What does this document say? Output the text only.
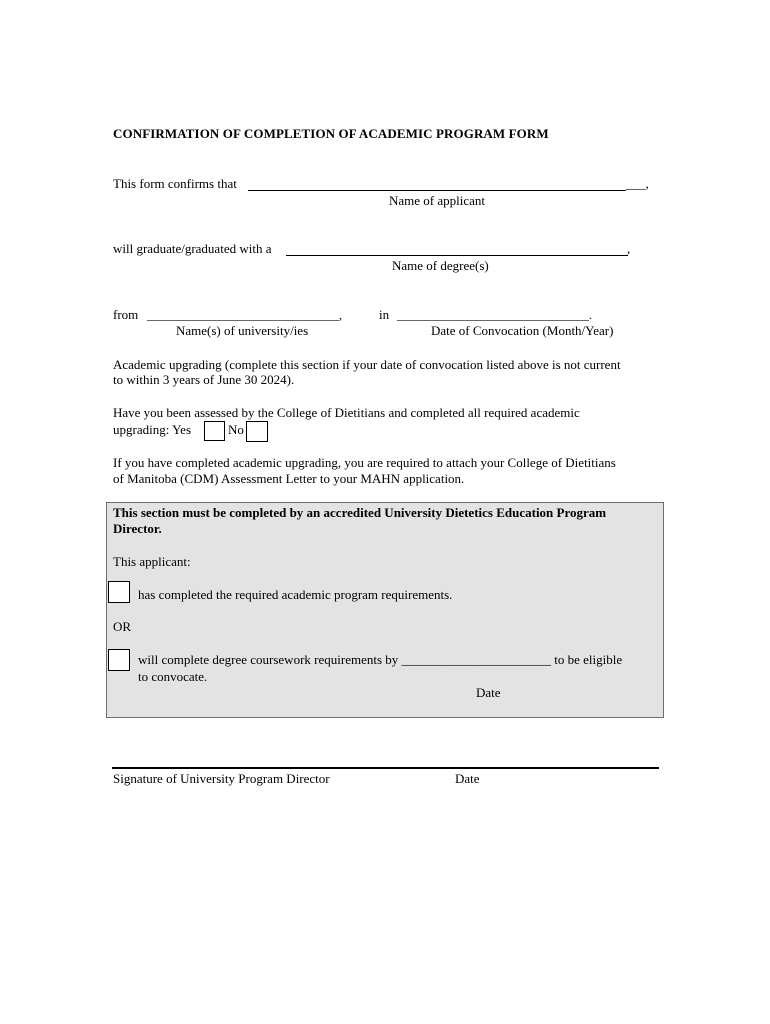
CONFIRMATION OF COMPLETION OF ACADEMIC PROGRAM FORM
This form confirms that	___,
Name of applicant
will graduate/graduated with a	,
Name of degree(s)
from ________________________________,	in ________________________________.
Name(s) of university/ies	Date of Convocation (Month/Year)
Academic upgrading (complete this section if your date of convocation listed above is not current
to within 3 years of June 30 2024).
Have you been assessed by the College of Dietitians and completed all required academic
upgrading: Yes	No
If you have completed academic upgrading, you are required to attach your College of Dietitians
of Manitoba (CDM) Assessment Letter to your MAHN application.
This section must be completed by an accredited University Dietetics Education Program
Director.
This applicant:
has completed the required academic program requirements.
OR
will complete degree coursework requirements by _______________________ to be eligible
to convocate.
Date
Signature of University Program Director	Date
